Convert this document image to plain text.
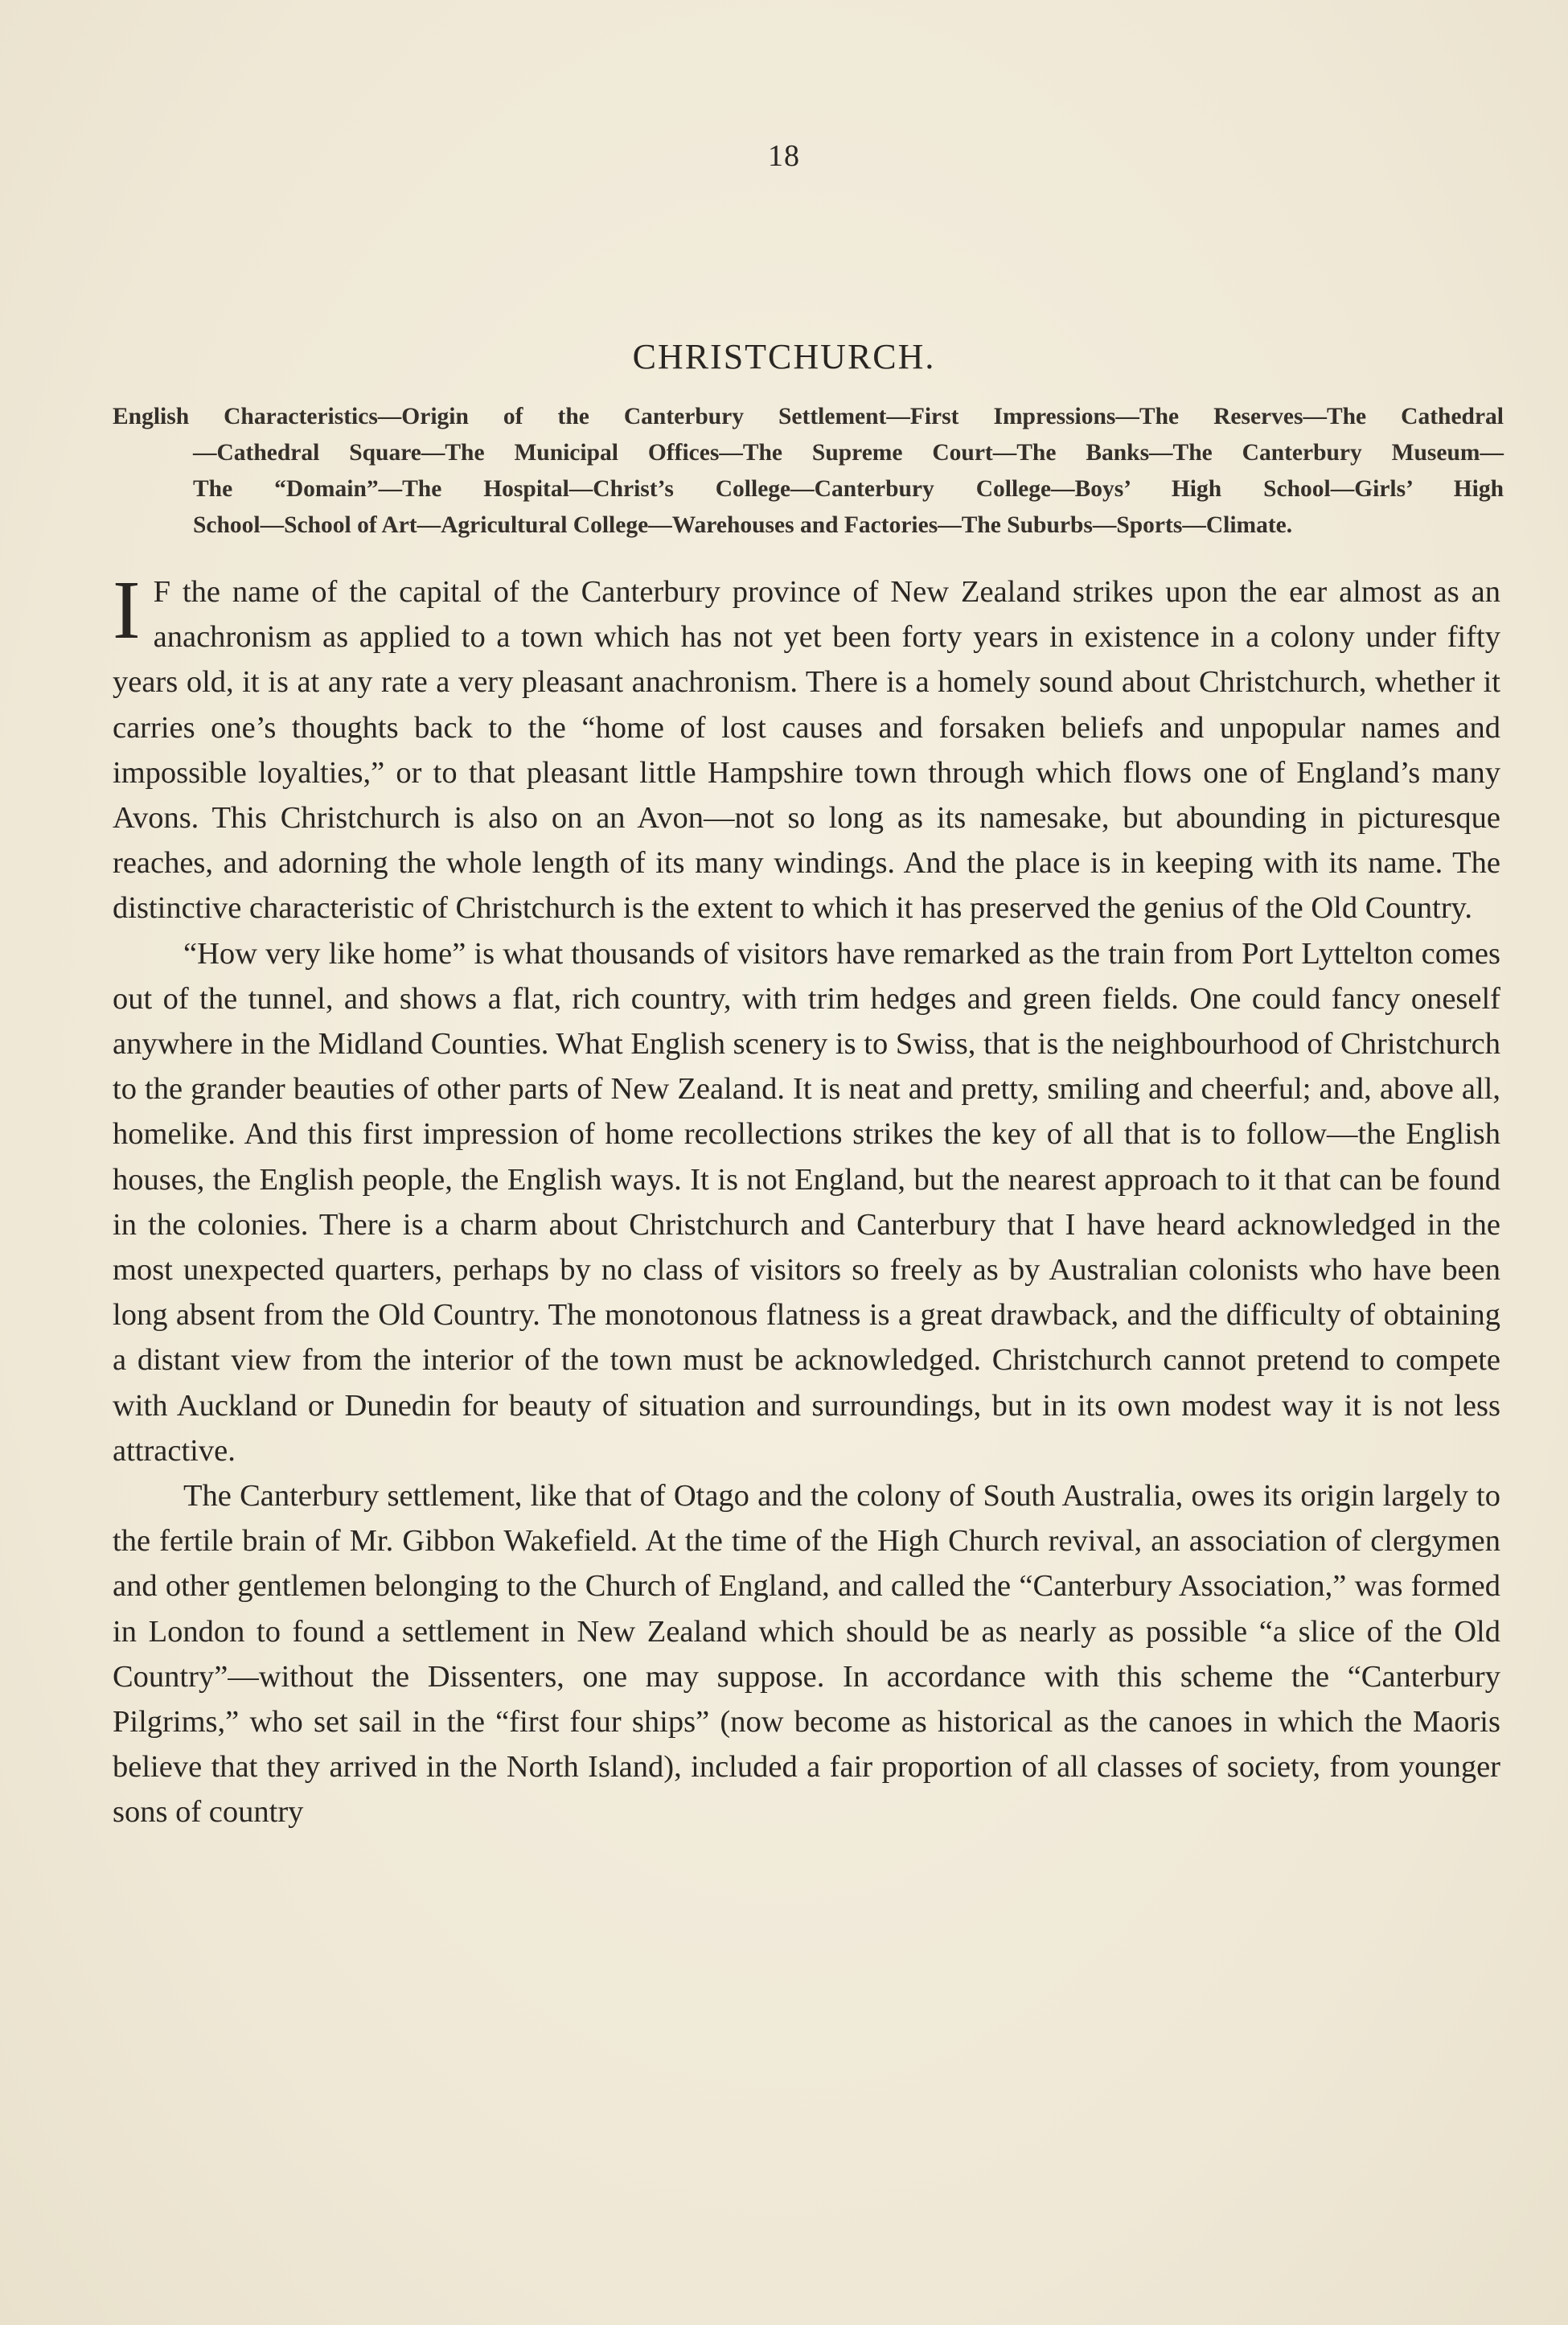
18
CHRISTCHURCH.
English Characteristics—Origin of the Canterbury Settlement—First Impressions—The Reserves—The Cathedral
—Cathedral Square—The Municipal Offices—The Supreme Court—The Banks—The Canterbury Museum—
The “Domain”—The Hospital—Christ’s College—Canterbury College—Boys’ High School—Girls’ High
School—School of Art—Agricultural College—Warehouses and Factories—The Suburbs—Sports—Climate.

I F the name of the capital of the Canterbury province of New Zealand strikes upon the ear almost as an anachronism as applied to a town which has not yet been forty years in existence in a colony under fifty years old, it is at any rate a very pleasant anachronism. There is a homely sound about Christchurch, whether it carries one’s thoughts back to the “home of lost causes and forsaken beliefs and unpopular names and impossible loyalties,” or to that pleasant little Hampshire town through which flows one of England’s many Avons. This Christchurch is also on an Avon—not so long as its namesake, but abounding in picturesque reaches, and adorning the whole length of its many windings. And the place is in keeping with its name. The distinctive characteristic of Christchurch is the extent to which it has preserved the genius of the Old Country.

“How very like home” is what thousands of visitors have remarked as the train from Port Lyttelton comes out of the tunnel, and shows a flat, rich country, with trim hedges and green fields. One could fancy oneself anywhere in the Midland Counties. What English scenery is to Swiss, that is the neighbourhood of Christchurch to the grander beauties of other parts of New Zealand. It is neat and pretty, smiling and cheerful; and, above all, homelike. And this first impression of home recollections strikes the key of all that is to follow—the English houses, the English people, the English ways. It is not England, but the nearest approach to it that can be found in the colonies. There is a charm about Christchurch and Canterbury that I have heard acknowledged in the most unexpected quarters, perhaps by no class of visitors so freely as by Australian colonists who have been long absent from the Old Country. The monotonous flatness is a great drawback, and the difficulty of obtaining a distant view from the interior of the town must be acknowledged. Christchurch cannot pretend to compete with Auckland or Dunedin for beauty of situation and surroundings, but in its own modest way it is not less attractive.

The Canterbury settlement, like that of Otago and the colony of South Australia, owes its origin largely to the fertile brain of Mr. Gibbon Wakefield. At the time of the High Church revival, an association of clergymen and other gentlemen belonging to the Church of England, and called the “Canterbury Association,” was formed in London to found a settlement in New Zealand which should be as nearly as possible “a slice of the Old Country”—without the Dissenters, one may suppose. In accordance with this scheme the “Canterbury Pilgrims,” who set sail in the “first four ships” (now become as historical as the canoes in which the Maoris believe that they arrived in the North Island), included a fair proportion of all classes of society, from younger sons of country
